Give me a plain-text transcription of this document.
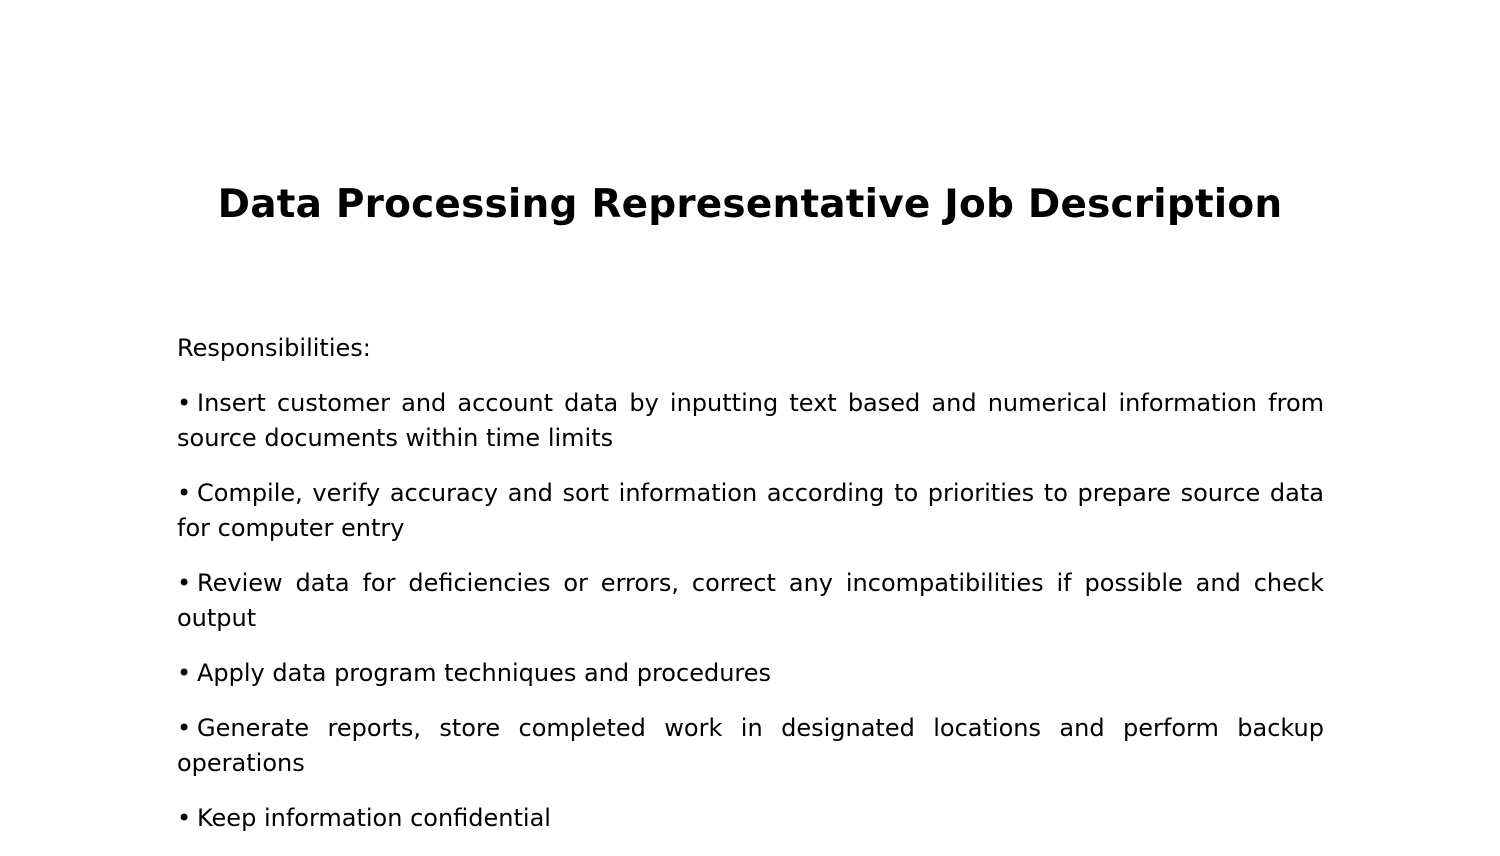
Data Processing Representative Job Description
Responsibilities:
• Insert customer and account data by inputting text based and numerical information from source documents within time limits
• Compile, verify accuracy and sort information according to priorities to prepare source data for computer entry
• Review data for deficiencies or errors, correct any incompatibilities if possible and check output
• Apply data program techniques and procedures
• Generate reports, store completed work in designated locations and perform backup operations
• Keep information confidential
